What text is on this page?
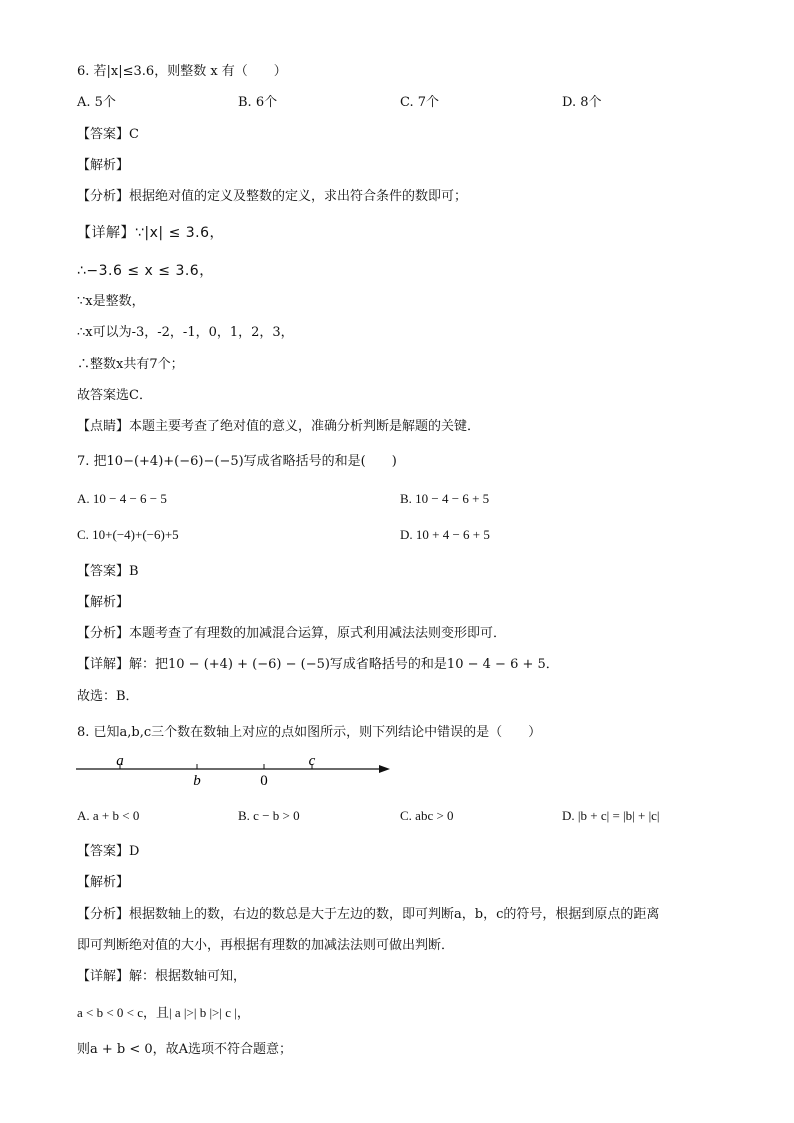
6. 若|x|≤3.6，则整数 x 有（　　）
A. 5个	B. 6个	C. 7个	D. 8个
【答案】C
【解析】
【分析】根据绝对值的定义及整数的定义，求出符合条件的数即可；
【详解】∵|x| ≤ 3.6，
∴−3.6 ≤ x ≤ 3.6，
∵x是整数，
∴x可以为-3，-2，-1，0，1，2，3，
∴整数x共有7个；
故答案选C．
【点睛】本题主要考查了绝对值的意义，准确分析判断是解题的关键．
7. 把10−(+4)+(−6)−(−5)写成省略括号的和是(　　)
A. 10 − 4 − 6 − 5	B. 10 − 4 − 6 + 5
C. 10+(−4)+(−6)+5	D. 10 + 4 − 6 + 5
【答案】B
【解析】
【分析】本题考查了有理数的加减混合运算，原式利用减法法则变形即可．
【详解】解：把10 − (+4) + (−6) − (−5)写成省略括号的和是10 − 4 − 6 + 5．
故选：B．
8. 已知a,b,c三个数在数轴上对应的点如图所示，则下列结论中错误的是（　　）
a
b	0
c
A. a + b < 0	B. c − b > 0	C. abc > 0	D. |b + c| = |b| + |c|
【答案】D
【解析】
【分析】根据数轴上的数，右边的数总是大于左边的数，即可判断a，b，c的符号，根据到原点的距离
即可判断绝对值的大小，再根据有理数的加减法法则可做出判断．
【详解】解：根据数轴可知，
a < b < 0 < c，且| a |>| b |>| c |，
则a + b < 0，故A选项不符合题意；
